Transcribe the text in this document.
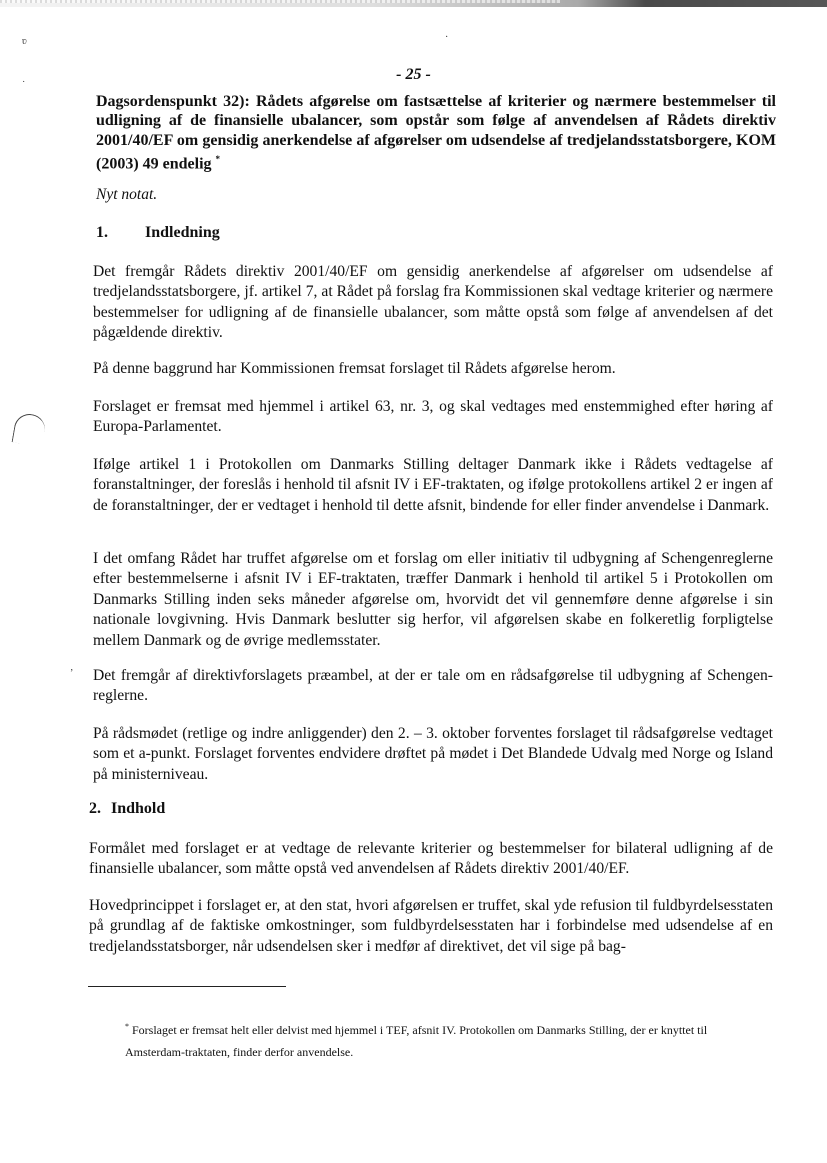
ʋ
˙
·
’
- 25 -

Dagsordenspunkt 32): Rådets afgørelse om fastsættelse af kriterier og nærmere bestemmelser til udligning af de finansielle ubalancer, som opstår som følge af anvendelsen af Rådets direktiv 2001/40/EF om gensidig anerkendelse af afgørelser om udsendelse af tredjelandsstatsborgere, KOM (2003) 49 endelig *

Nyt notat.

1. Indledning

Det fremgår Rådets direktiv 2001/40/EF om gensidig anerkendelse af afgørelser om udsendelse af tredjelandsstatsborgere, jf. artikel 7, at Rådet på forslag fra Kommissionen skal vedtage kriterier og nærmere bestemmelser for udligning af de finansielle ubalancer, som måtte opstå som følge af anvendelsen af det pågældende direktiv.

På denne baggrund har Kommissionen fremsat forslaget til Rådets afgørelse herom.

Forslaget er fremsat med hjemmel i artikel 63, nr. 3, og skal vedtages med enstemmighed efter høring af Europa-Parlamentet.

Ifølge artikel 1 i Protokollen om Danmarks Stilling deltager Danmark ikke i Rådets vedtagelse af foranstaltninger, der foreslås i henhold til afsnit IV i EF-traktaten, og ifølge protokollens artikel 2 er ingen af de foranstaltninger, der er vedtaget i henhold til dette afsnit, bindende for eller finder anvendelse i Danmark.

I det omfang Rådet har truffet afgørelse om et forslag om eller initiativ til udbygning af Schengenreglerne efter bestemmelserne i afsnit IV i EF-traktaten, træffer Danmark i henhold til artikel 5 i Protokollen om Danmarks Stilling inden seks måneder afgørelse om, hvorvidt det vil gennemføre denne afgørelse i sin nationale lovgivning. Hvis Danmark beslutter sig herfor, vil afgørelsen skabe en folkeretlig forpligtelse mellem Danmark og de øvrige medlemsstater.

Det fremgår af direktivforslagets præambel, at der er tale om en rådsafgørelse til udbygning af Schengen-reglerne.

På rådsmødet (retlige og indre anliggender) den 2. – 3. oktober forventes forslaget til rådsafgørelse vedtaget som et a-punkt. Forslaget forventes endvidere drøftet på mødet i Det Blandede Udvalg med Norge og Island på ministerniveau.

2. Indhold

Formålet med forslaget er at vedtage de relevante kriterier og bestemmelser for bilateral udligning af de finansielle ubalancer, som måtte opstå ved anvendelsen af Rådets direktiv 2001/40/EF.

Hovedprincippet i forslaget er, at den stat, hvori afgørelsen er truffet, skal yde refusion til fuldbyrdelsesstaten på grundlag af de faktiske omkostninger, som fuldbyrdelsesstaten har i forbindelse med udsendelse af en tredjelandsstatsborger, når udsendelsen sker i medfør af direktivet, det vil sige på bag-

* Forslaget er fremsat helt eller delvist med hjemmel i TEF, afsnit IV. Protokollen om Danmarks Stilling, der er knyttet til Amsterdam-traktaten, finder derfor anvendelse.
